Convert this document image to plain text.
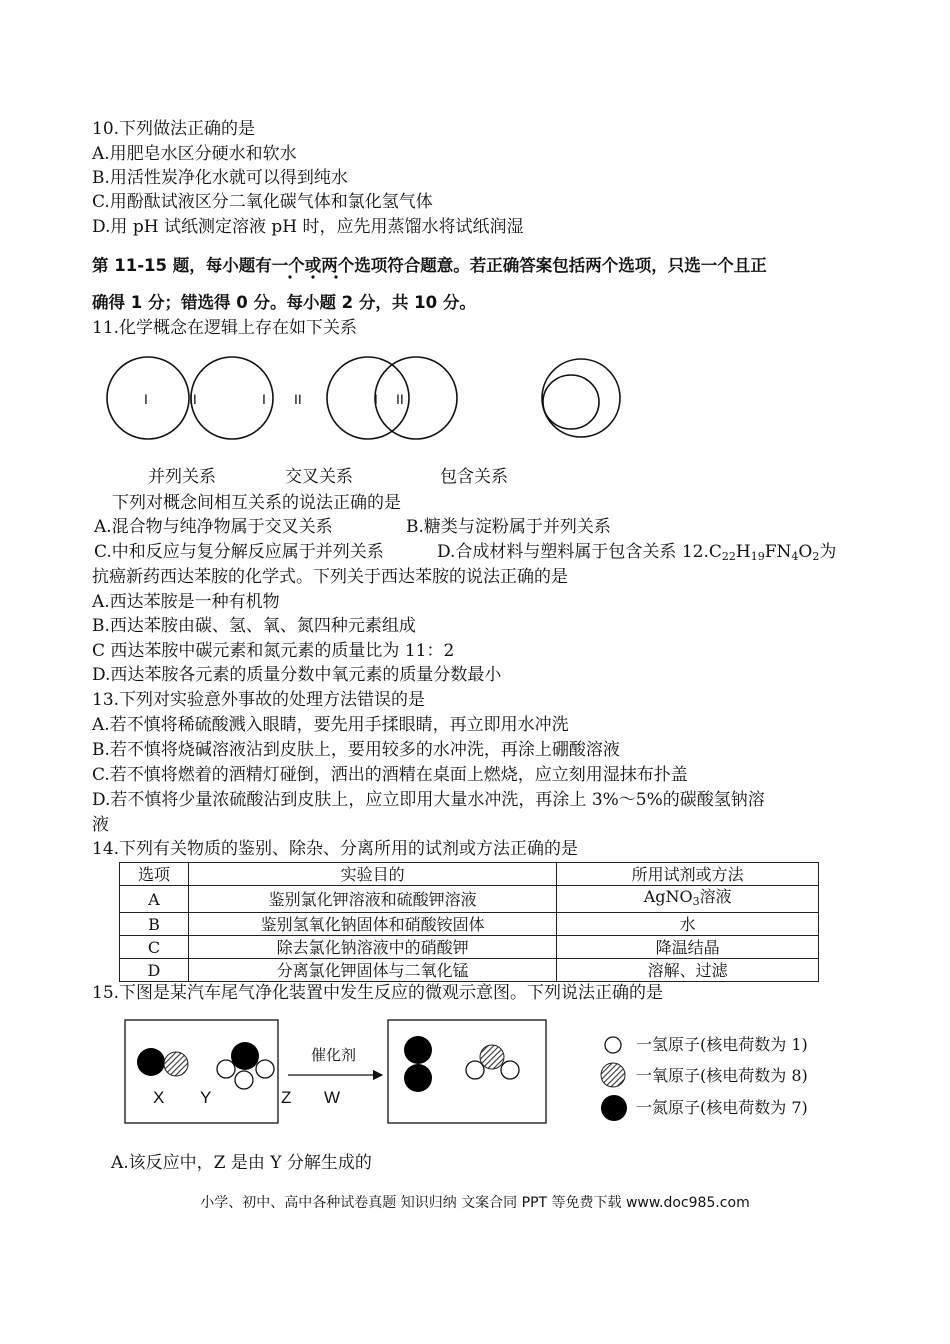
10.下列做法正确的是
A.用肥皂水区分硬水和软水
B.用活性炭净化水就可以得到纯水
C.用酚酞试液区分二氧化碳气体和氯化氢气体
D.用 pH 试纸测定溶液 pH 时，应先用蒸馏水将试纸润湿
第 11-15 题，每小题有一个或两个选项符合题意。若正确答案包括两个选项，只选一个且正
确得 1 分；错选得 0 分。每小题 2 分，共 10 分。
11.化学概念在逻辑上存在如下关系
I	II	I II	I II
并列关系	交叉关系	包含关系
下列对概念间相互关系的说法正确的是
A.混合物与纯净物属于交叉关系	B.糖类与淀粉属于并列关系
C.中和反应与复分解反应属于并列关系	D.合成材料与塑料属于包含关系 $12.C_{22}H_{19}FN_4O_2$为
抗癌新药西达苯胺的化学式。下列关于西达苯胺的说法正确的是
A.西达苯胺是一种有机物
B.西达苯胺由碳、氢、氧、氮四种元素组成
C 西达苯胺中碳元素和氮元素的质量比为 11：2
D.西达苯胺各元素的质量分数中氧元素的质量分数最小
13.下列对实验意外事故的处理方法错误的是
A.若不慎将稀硫酸溅入眼睛，要先用手揉眼睛，再立即用水冲洗
B.若不慎将烧碱溶液沾到皮肤上，要用较多的水冲洗，再涂上硼酸溶液
C.若不慎将燃着的酒精灯碰倒，洒出的酒精在桌面上燃烧，应立刻用湿抹布扑盖
D.若不慎将少量浓硫酸沾到皮肤上，应立即用大量水冲洗，再涂上 3%～5%的碳酸氢钠溶
液
14.下列有关物质的鉴别、除杂、分离所用的试剂或方法正确的是
选项	实验目的	所用试剂或方法
A	鉴别氯化钾溶液和硫酸钾溶液	AgNO$_3$溶液
B	鉴别氢氧化钠固体和硝酸铵固体	水
C	除去氯化钠溶液中的硝酸钾	降温结晶
D	分离氯化钾固体与二氧化锰	溶解、过滤
15.下图是某汽车尾气净化装置中发生反应的微观示意图。下列说法正确的是
催化剂
X Y	Z W
一氢原子(核电荷数为 1)
一氧原子(核电荷数为 8)
一氮原子(核电荷数为 7)
A.该反应中，Z 是由 Y 分解生成的
小学、初中、高中各种试卷真题 知识归纳 文案合同 PPT 等免费下载 www.doc985.com
